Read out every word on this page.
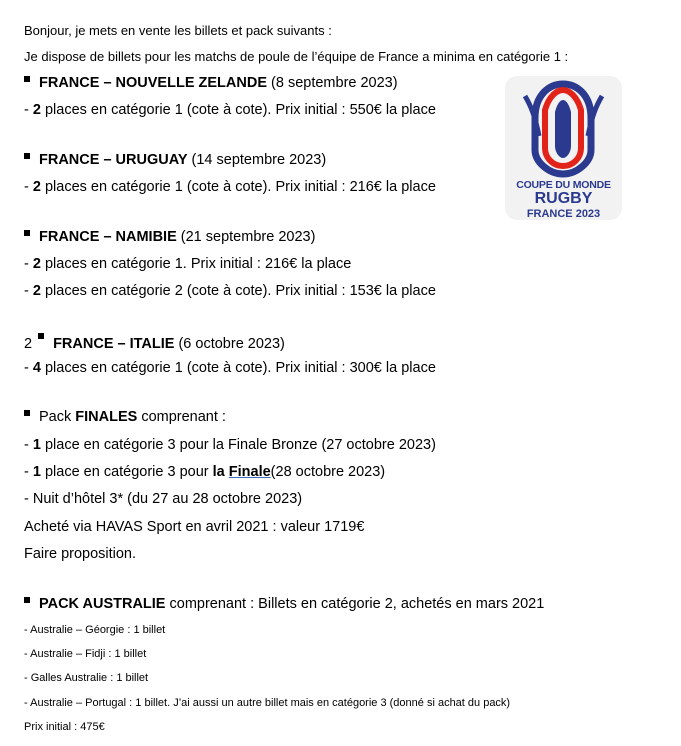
Bonjour, je mets en vente les billets et pack suivants :
Je dispose de billets pour les matchs de poule de l’équipe de France a minima en catégorie 1 :
FRANCE – NOUVELLE ZELANDE (8 septembre 2023)
- 2 places en catégorie 1 (cote à cote). Prix initial : 550€ la place
FRANCE – URUGUAY (14 septembre 2023)
- 2 places en catégorie 1 (cote à cote). Prix initial : 216€ la place
FRANCE – NAMIBIE (21 septembre 2023)
- 2 places en catégorie 1. Prix initial : 216€ la place
- 2 places en catégorie 2 (cote à cote). Prix initial : 153€ la place
2 FRANCE – ITALIE (6 octobre 2023)
- 4 places en catégorie 1 (cote à cote). Prix initial : 300€ la place
Pack FINALES comprenant :
- 1 place en catégorie 3 pour la Finale Bronze (27 octobre 2023)
- 1 place en catégorie 3 pour la Finale(28 octobre 2023)
- Nuit d’hôtel 3* (du 27 au 28 octobre 2023)
Acheté via HAVAS Sport en avril 2021 : valeur 1719€
Faire proposition.
PACK AUSTRALIE comprenant : Billets en catégorie 2, achetés en mars 2021
- Australie – Géorgie : 1 billet
- Australie – Fidji : 1 billet
- Galles Australie : 1 billet
- Australie – Portugal : 1 billet. J’ai aussi un autre billet mais en catégorie 3 (donné si achat du pack)
Prix initial : 475€
COUPE DU MONDE
RUGBY
FRANCE 2023
